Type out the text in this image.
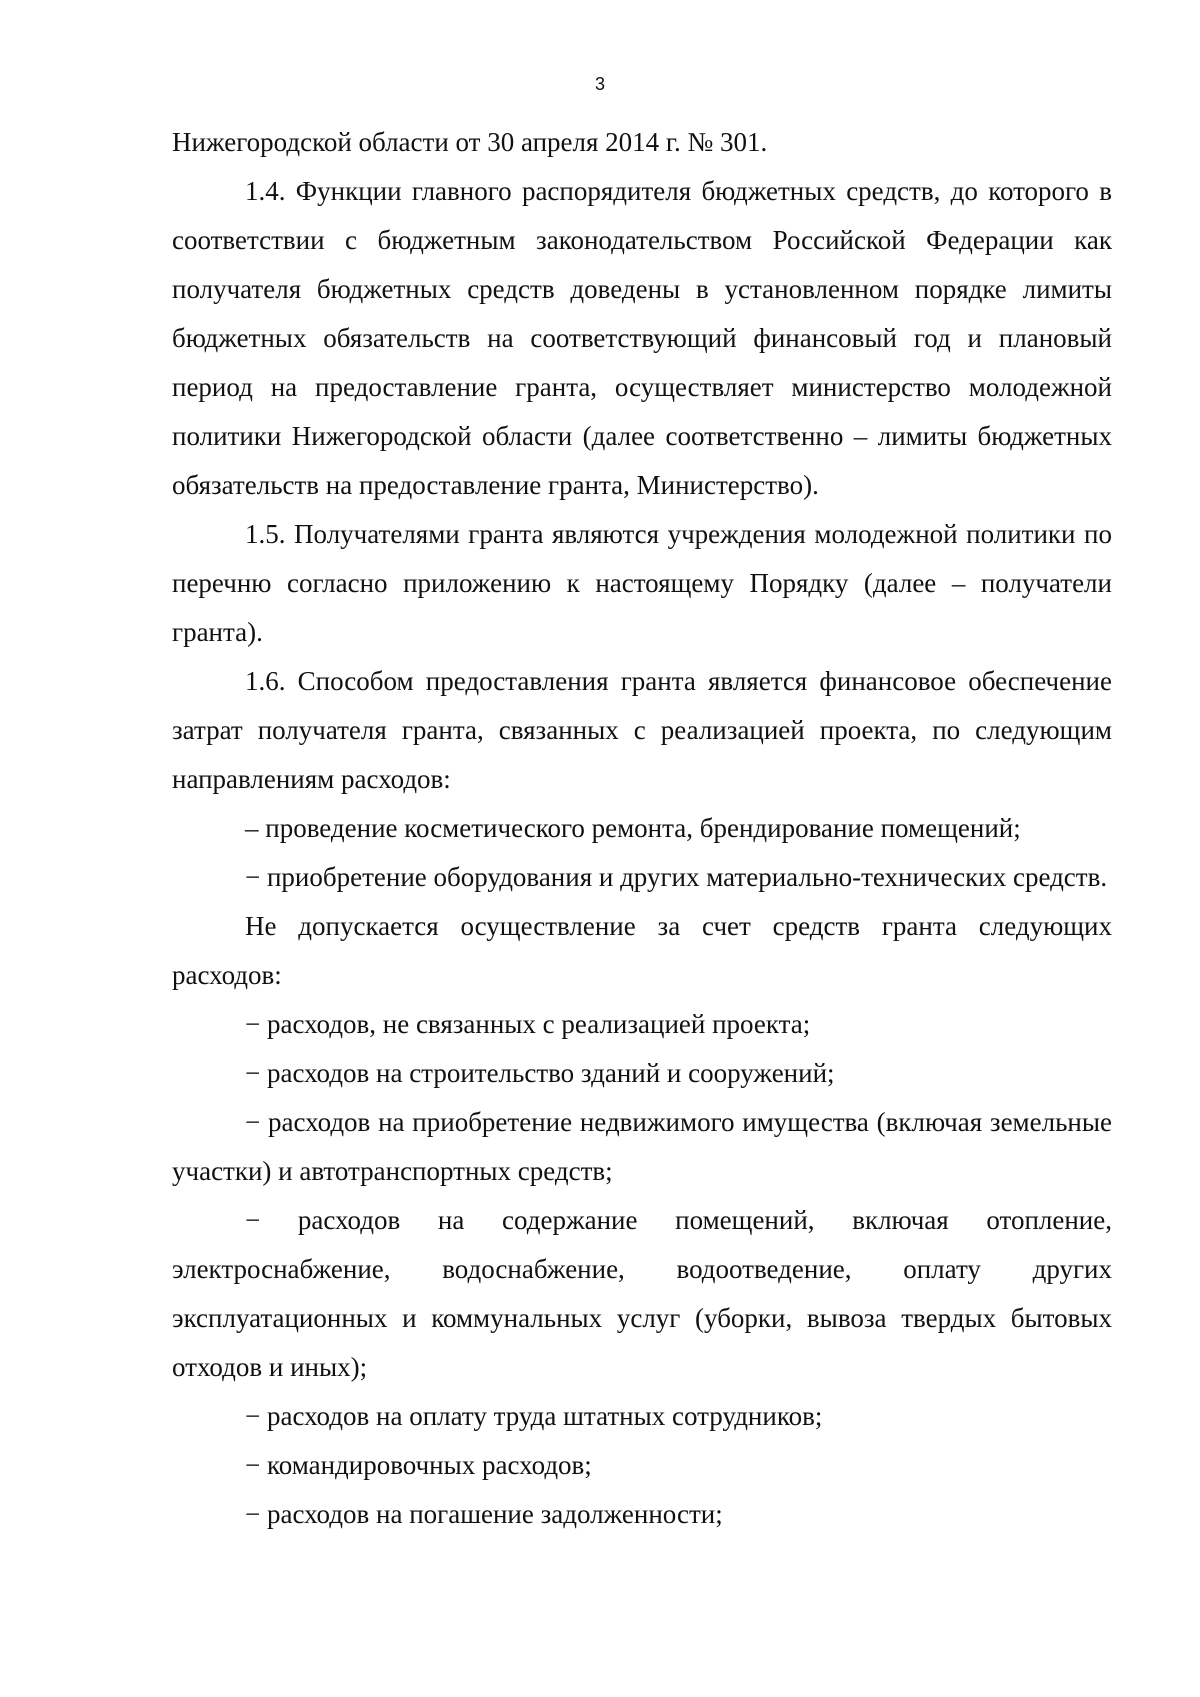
3

Нижегородской области от 30 апреля 2014 г. № 301.

1.4. Функции главного распорядителя бюджетных средств, до которого в соответствии с бюджетным законодательством Российской Федерации как получателя бюджетных средств доведены в установленном порядке лимиты бюджетных обязательств на соответствующий финансовый год и плановый период на предоставление гранта, осуществляет министерство молодежной политики Нижегородской области (далее соответственно – лимиты бюджетных обязательств на предоставление гранта, Министерство).

1.5. Получателями гранта являются учреждения молодежной политики по перечню согласно приложению к настоящему Порядку (далее – получатели гранта).

1.6. Способом предоставления гранта является финансовое обеспечение затрат получателя гранта, связанных с реализацией проекта, по следующим направлениям расходов:

– проведение косметического ремонта, брендирование помещений;

− приобретение оборудования и других материально-технических средств.

Не допускается осуществление за счет средств гранта следующих расходов:

− расходов, не связанных с реализацией проекта;

− расходов на строительство зданий и сооружений;

− расходов на приобретение недвижимого имущества (включая земельные участки) и автотранспортных средств;

− расходов на содержание помещений, включая отопление, электроснабжение, водоснабжение, водоотведение, оплату других эксплуатационных и коммунальных услуг (уборки, вывоза твердых бытовых отходов и иных);

− расходов на оплату труда штатных сотрудников;

− командировочных расходов;

− расходов на погашение задолженности;
